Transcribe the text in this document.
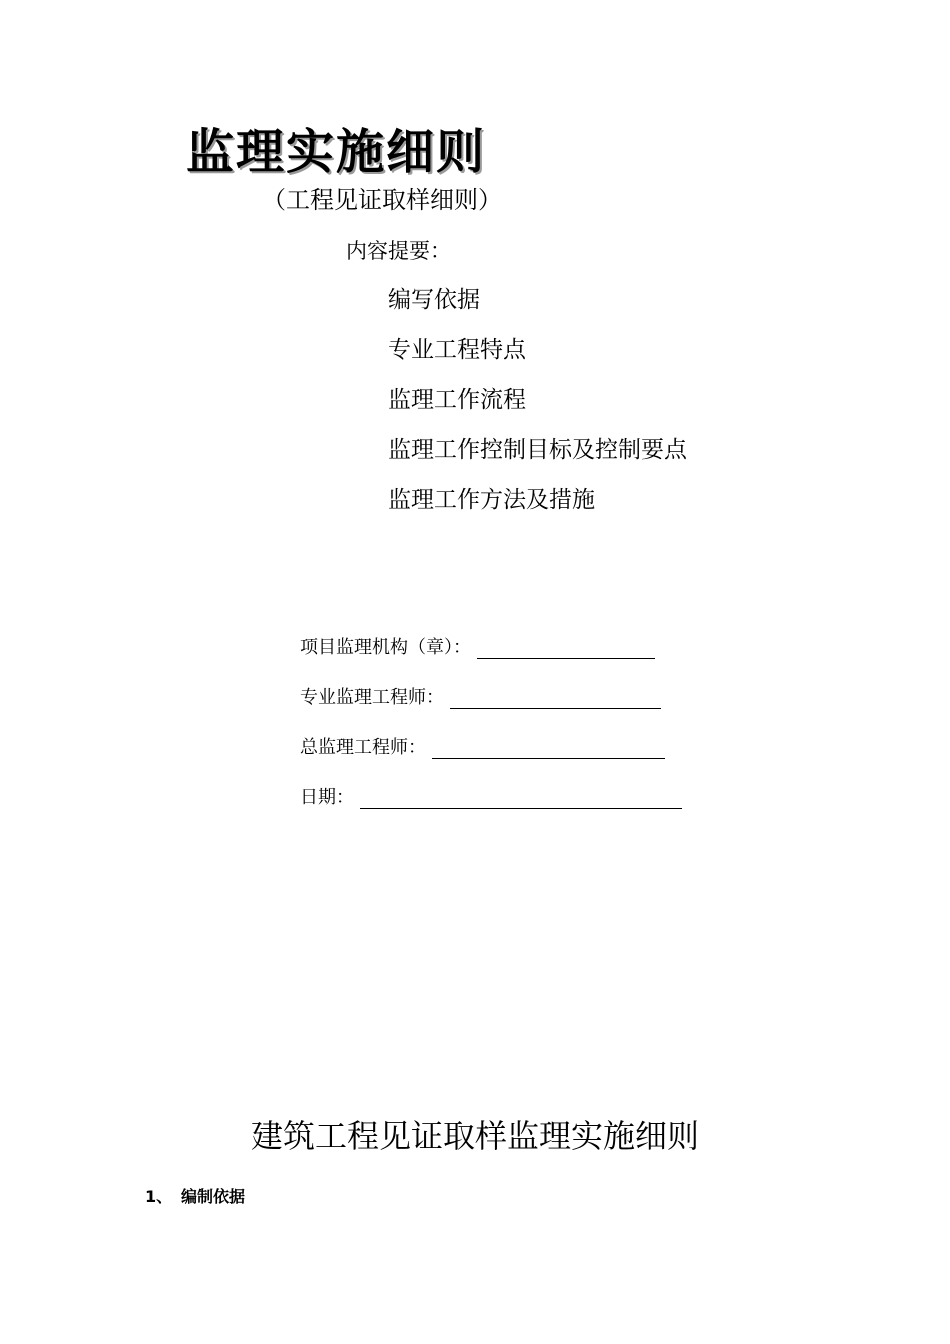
监理实施细则
（工程见证取样细则）
内容提要：
编写依据
专业工程特点
监理工作流程
监理工作控制目标及控制要点
监理工作方法及措施
项目监理机构（章）：
专业监理工程师：
总监理工程师：
日期：
建筑工程见证取样监理实施细则
1、 编制依据
